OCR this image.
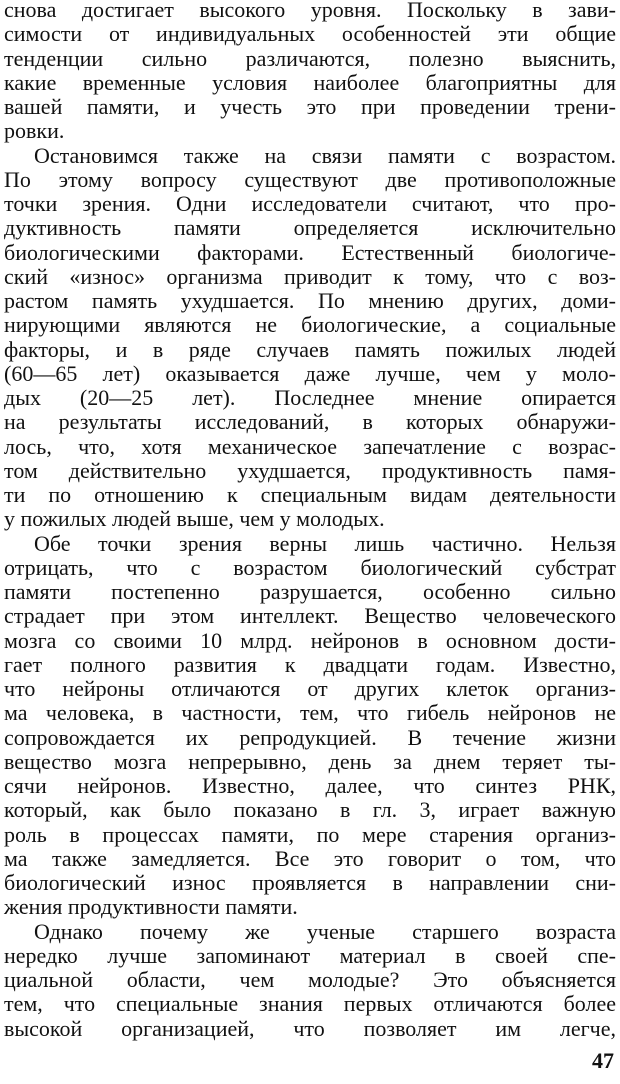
снова достигает высокого уровня. Поскольку в зави-
симости от индивидуальных особенностей эти общие
тенденции сильно различаются, полезно выяснить,
какие временные условия наиболее благоприятны для
вашей памяти, и учесть это при проведении трени-
ровки.
Остановимся также на связи памяти с возрастом.
По этому вопросу существуют две противоположные
точки зрения. Одни исследователи считают, что про-
дуктивность памяти определяется исключительно
биологическими факторами. Естественный биологиче-
ский «износ» организма приводит к тому, что с воз-
растом память ухудшается. По мнению других, доми-
нирующими являются не биологические, а социальные
факторы, и в ряде случаев память пожилых людей
(60—65 лет) оказывается даже лучше, чем у моло-
дых (20—25 лет). Последнее мнение опирается
на результаты исследований, в которых обнаружи-
лось, что, хотя механическое запечатление с возрас-
том действительно ухудшается, продуктивность памя-
ти по отношению к специальным видам деятельности
у пожилых людей выше, чем у молодых.
Обе точки зрения верны лишь частично. Нельзя
отрицать, что с возрастом биологический субстрат
памяти постепенно разрушается, особенно сильно
страдает при этом интеллект. Вещество человеческого
мозга со своими 10 млрд. нейронов в основном дости-
гает полного развития к двадцати годам. Известно,
что нейроны отличаются от других клеток организ-
ма человека, в частности, тем, что гибель нейронов не
сопровождается их репродукцией. В течение жизни
вещество мозга непрерывно, день за днем теряет ты-
сячи нейронов. Известно, далее, что синтез РНК,
который, как было показано в гл. 3, играет важную
роль в процессах памяти, по мере старения организ-
ма также замедляется. Все это говорит о том, что
биологический износ проявляется в направлении сни-
жения продуктивности памяти.
Однако почему же ученые старшего возраста
нередко лучше запоминают материал в своей спе-
циальной области, чем молодые? Это объясняется
тем, что специальные знания первых отличаются более
высокой организацией, что позволяет им легче,
47
